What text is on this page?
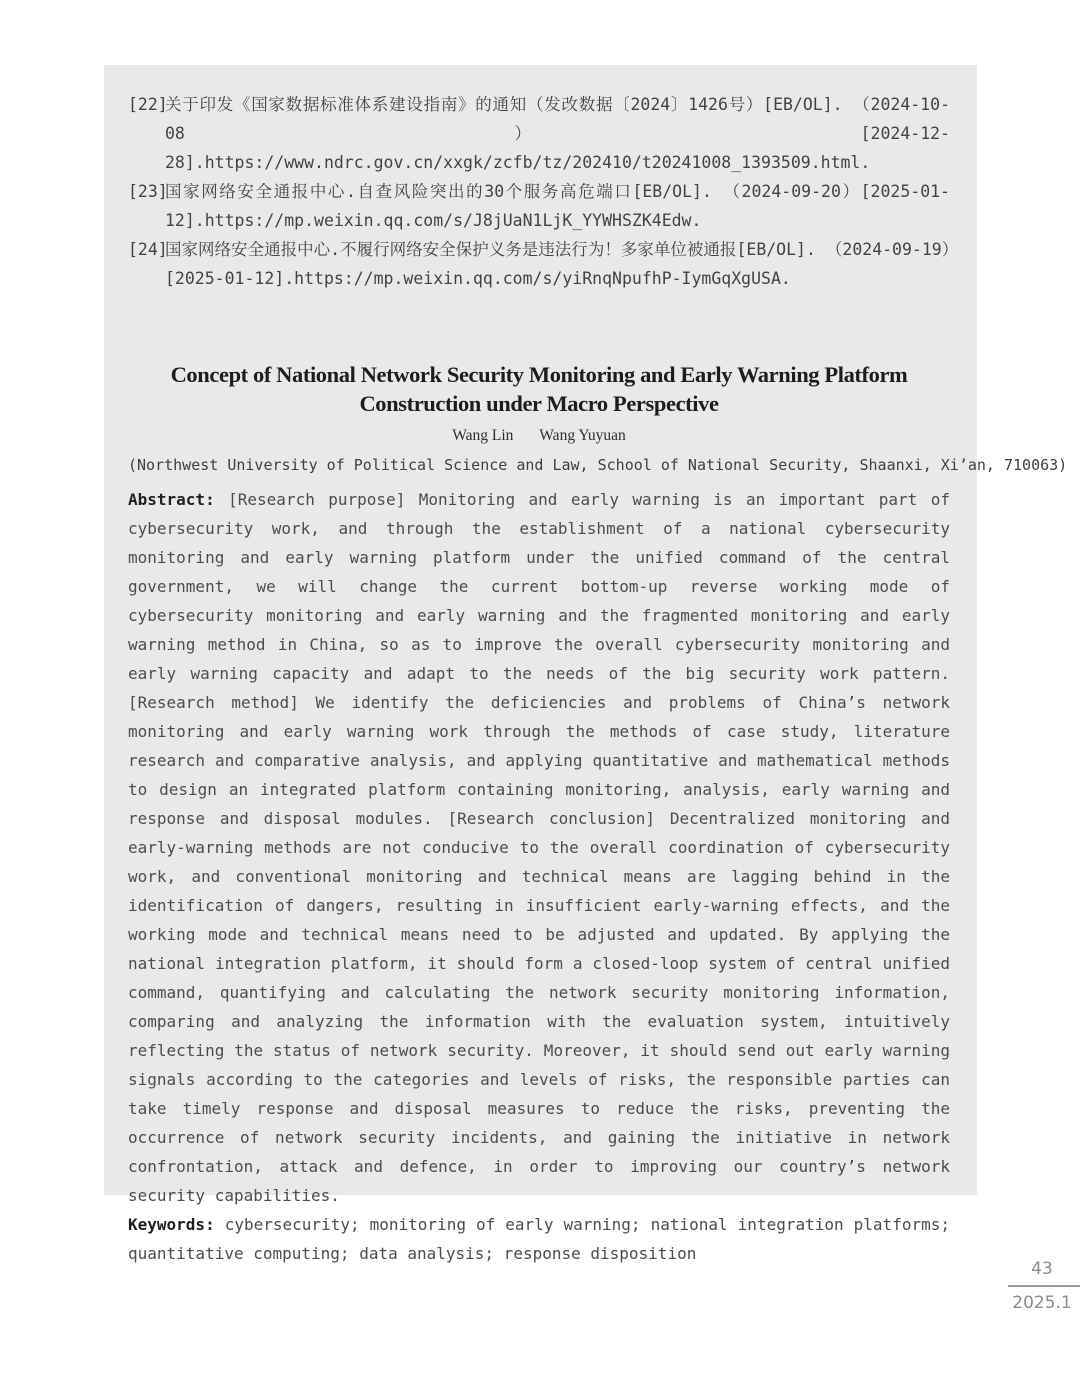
[22]
关于印发《国家数据标准体系建设指南》的通知（发改数据〔2024〕1426号）[EB/OL]. （2024-10-08）[2024-12-28].https://www.ndrc.gov.cn/xxgk/zcfb/tz/202410/t20241008_1393509.html.
[23]
国家网络安全通报中心.自查风险突出的30个服务高危端口[EB/OL]. （2024-09-20）[2025-01-12].https://mp.weixin.qq.com/s/J8jUaN1LjK_YYWHSZK4Edw.
[24]
国家网络安全通报中心.不履行网络安全保护义务是违法行为！多家单位被通报[EB/OL]. （2024-09-19）[2025-01-12].https://mp.weixin.qq.com/s/yiRnqNpufhP-IymGqXgUSA.
Concept of National Network Security Monitoring and Early Warning Platform
Construction under Macro Perspective
Wang Lin Wang Yuyuan
(Northwest University of Political Science and Law, School of National Security, Shaanxi, Xi’an, 710063)

Abstract: [Research purpose] Monitoring and early warning is an important part of cybersecurity work, and through the establishment of a national cybersecurity monitoring and early warning platform under the unified command of the central government, we will change the current bottom-up reverse working mode of cybersecurity monitoring and early warning and the fragmented monitoring and early warning method in China, so as to improve the overall cybersecurity monitoring and early warning capacity and adapt to the needs of the big security work pattern. [Research method] We identify the deficiencies and problems of China’s network monitoring and early warning work through the methods of case study, literature research and comparative analysis, and applying quantitative and mathematical methods to design an integrated platform containing monitoring, analysis, early warning and response and disposal modules. [Research conclusion] Decentralized monitoring and early-warning methods are not conducive to the overall coordination of cybersecurity work, and conventional monitoring and technical means are lagging behind in the identification of dangers, resulting in insufficient early-warning effects, and the working mode and technical means need to be adjusted and updated. By applying the national integration platform, it should form a closed-loop system of central unified command, quantifying and calculating the network security monitoring information, comparing and analyzing the information with the evaluation system, intuitively reflecting the status of network security. Moreover, it should send out early warning signals according to the categories and levels of risks, the responsible parties can take timely response and disposal measures to reduce the risks, preventing the occurrence of network security incidents, and gaining the initiative in network confrontation, attack and defence, in order to improving our country’s network security capabilities.

Keywords: cybersecurity; monitoring of early warning; national integration platforms; quantitative computing; data analysis; response disposition

43
2025.1
